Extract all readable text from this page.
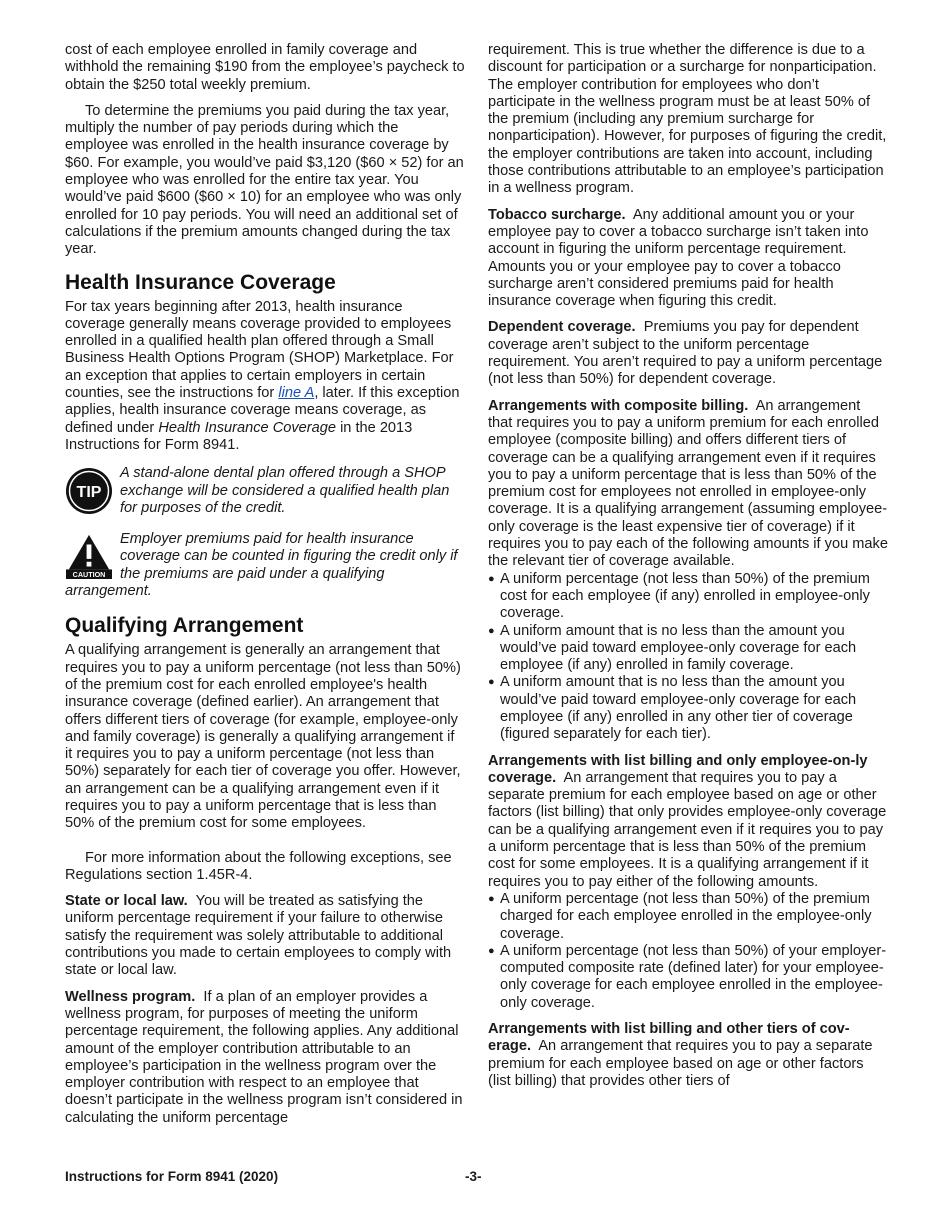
cost of each employee enrolled in family coverage and withhold the remaining $190 from the employee’s paycheck to obtain the $250 total weekly premium.

To determine the premiums you paid during the tax year, multiply the number of pay periods during which the employee was enrolled in the health insurance coverage by $60. For example, you would’ve paid $3,120 ($60 × 52) for an employee who was enrolled for the entire tax year. You would’ve paid $600 ($60 × 10) for an employee who was only enrolled for 10 pay periods. You will need an additional set of calculations if the premium amounts changed during the tax year.

Health Insurance Coverage

For tax years beginning after 2013, health insurance coverage generally means coverage provided to employees enrolled in a qualified health plan offered through a Small Business Health Options Program (SHOP) Marketplace. For an exception that applies to certain employers in certain counties, see the instructions for line A, later. If this exception applies, health insurance coverage means coverage, as defined under Health Insurance Coverage in the 2013 Instructions for Form 8941.

TIP

A stand-alone dental plan offered through a SHOP exchange will be considered a qualified health plan for purposes of the credit.

CAUTION

Employer premiums paid for health insurance coverage can be counted in figuring the credit only if the premiums are paid under a qualifying arrangement.

Qualifying Arrangement

A qualifying arrangement is generally an arrangement that requires you to pay a uniform percentage (not less than 50%) of the premium cost for each enrolled employee's health insurance coverage (defined earlier). An arrangement that offers different tiers of coverage (for example, employee-only and family coverage) is generally a qualifying arrangement if it requires you to pay a uniform percentage (not less than 50%) separately for each tier of coverage you offer. However, an arrangement can be a qualifying arrangement even if it requires you to pay a uniform percentage that is less than 50% of the premium cost for some employees.

For more information about the following exceptions, see Regulations section 1.45R-4.

State or local law. You will be treated as satisfying the uniform percentage requirement if your failure to otherwise satisfy the requirement was solely attributable to additional contributions you made to certain employees to comply with state or local law.

Wellness program. If a plan of an employer provides a wellness program, for purposes of meeting the uniform percentage requirement, the following applies. Any additional amount of the employer contribution attributable to an employee’s participation in the wellness program over the employer contribution with respect to an employee that doesn’t participate in the wellness program isn’t considered in calculating the uniform percentage

requirement. This is true whether the difference is due to a discount for participation or a surcharge for nonparticipation. The employer contribution for employees who don’t participate in the wellness program must be at least 50% of the premium (including any premium surcharge for nonparticipation). However, for purposes of figuring the credit, the employer contributions are taken into account, including those contributions attributable to an employee’s participation in a wellness program.

Tobacco surcharge. Any additional amount you or your employee pay to cover a tobacco surcharge isn’t taken into account in figuring the uniform percentage requirement. Amounts you or your employee pay to cover a tobacco surcharge aren’t considered premiums paid for health insurance coverage when figuring this credit.

Dependent coverage. Premiums you pay for dependent coverage aren’t subject to the uniform percentage requirement. You aren’t required to pay a uniform percentage (not less than 50%) for dependent coverage.

Arrangements with composite billing. An arrangement that requires you to pay a uniform premium for each enrolled employee (composite billing) and offers different tiers of coverage can be a qualifying arrangement even if it requires you to pay a uniform percentage that is less than 50% of the premium cost for employees not enrolled in employee-only coverage. It is a qualifying arrangement (assuming employee-only coverage is the least expensive tier of coverage) if it requires you to pay each of the following amounts if you make the relevant tier of coverage available.

● A uniform percentage (not less than 50%) of the premium cost for each employee (if any) enrolled in employee-only coverage.
● A uniform amount that is no less than the amount you would’ve paid toward employee-only coverage for each employee (if any) enrolled in family coverage.
● A uniform amount that is no less than the amount you would’ve paid toward employee-only coverage for each employee (if any) enrolled in any other tier of coverage (figured separately for each tier).

Arrangements with list billing and only employee-on-ly coverage. An arrangement that requires you to pay a separate premium for each employee based on age or other factors (list billing) that only provides employee-only coverage can be a qualifying arrangement even if it requires you to pay a uniform percentage that is less than 50% of the premium cost for some employees. It is a qualifying arrangement if it requires you to pay either of the following amounts.

● A uniform percentage (not less than 50%) of the premium charged for each employee enrolled in the employee-only coverage.
● A uniform percentage (not less than 50%) of your employer-computed composite rate (defined later) for your employee-only coverage for each employee enrolled in the employee-only coverage.

Arrangements with list billing and other tiers of cov-erage. An arrangement that requires you to pay a separate premium for each employee based on age or other factors (list billing) that provides other tiers of

Instructions for Form 8941 (2020)	-3-
